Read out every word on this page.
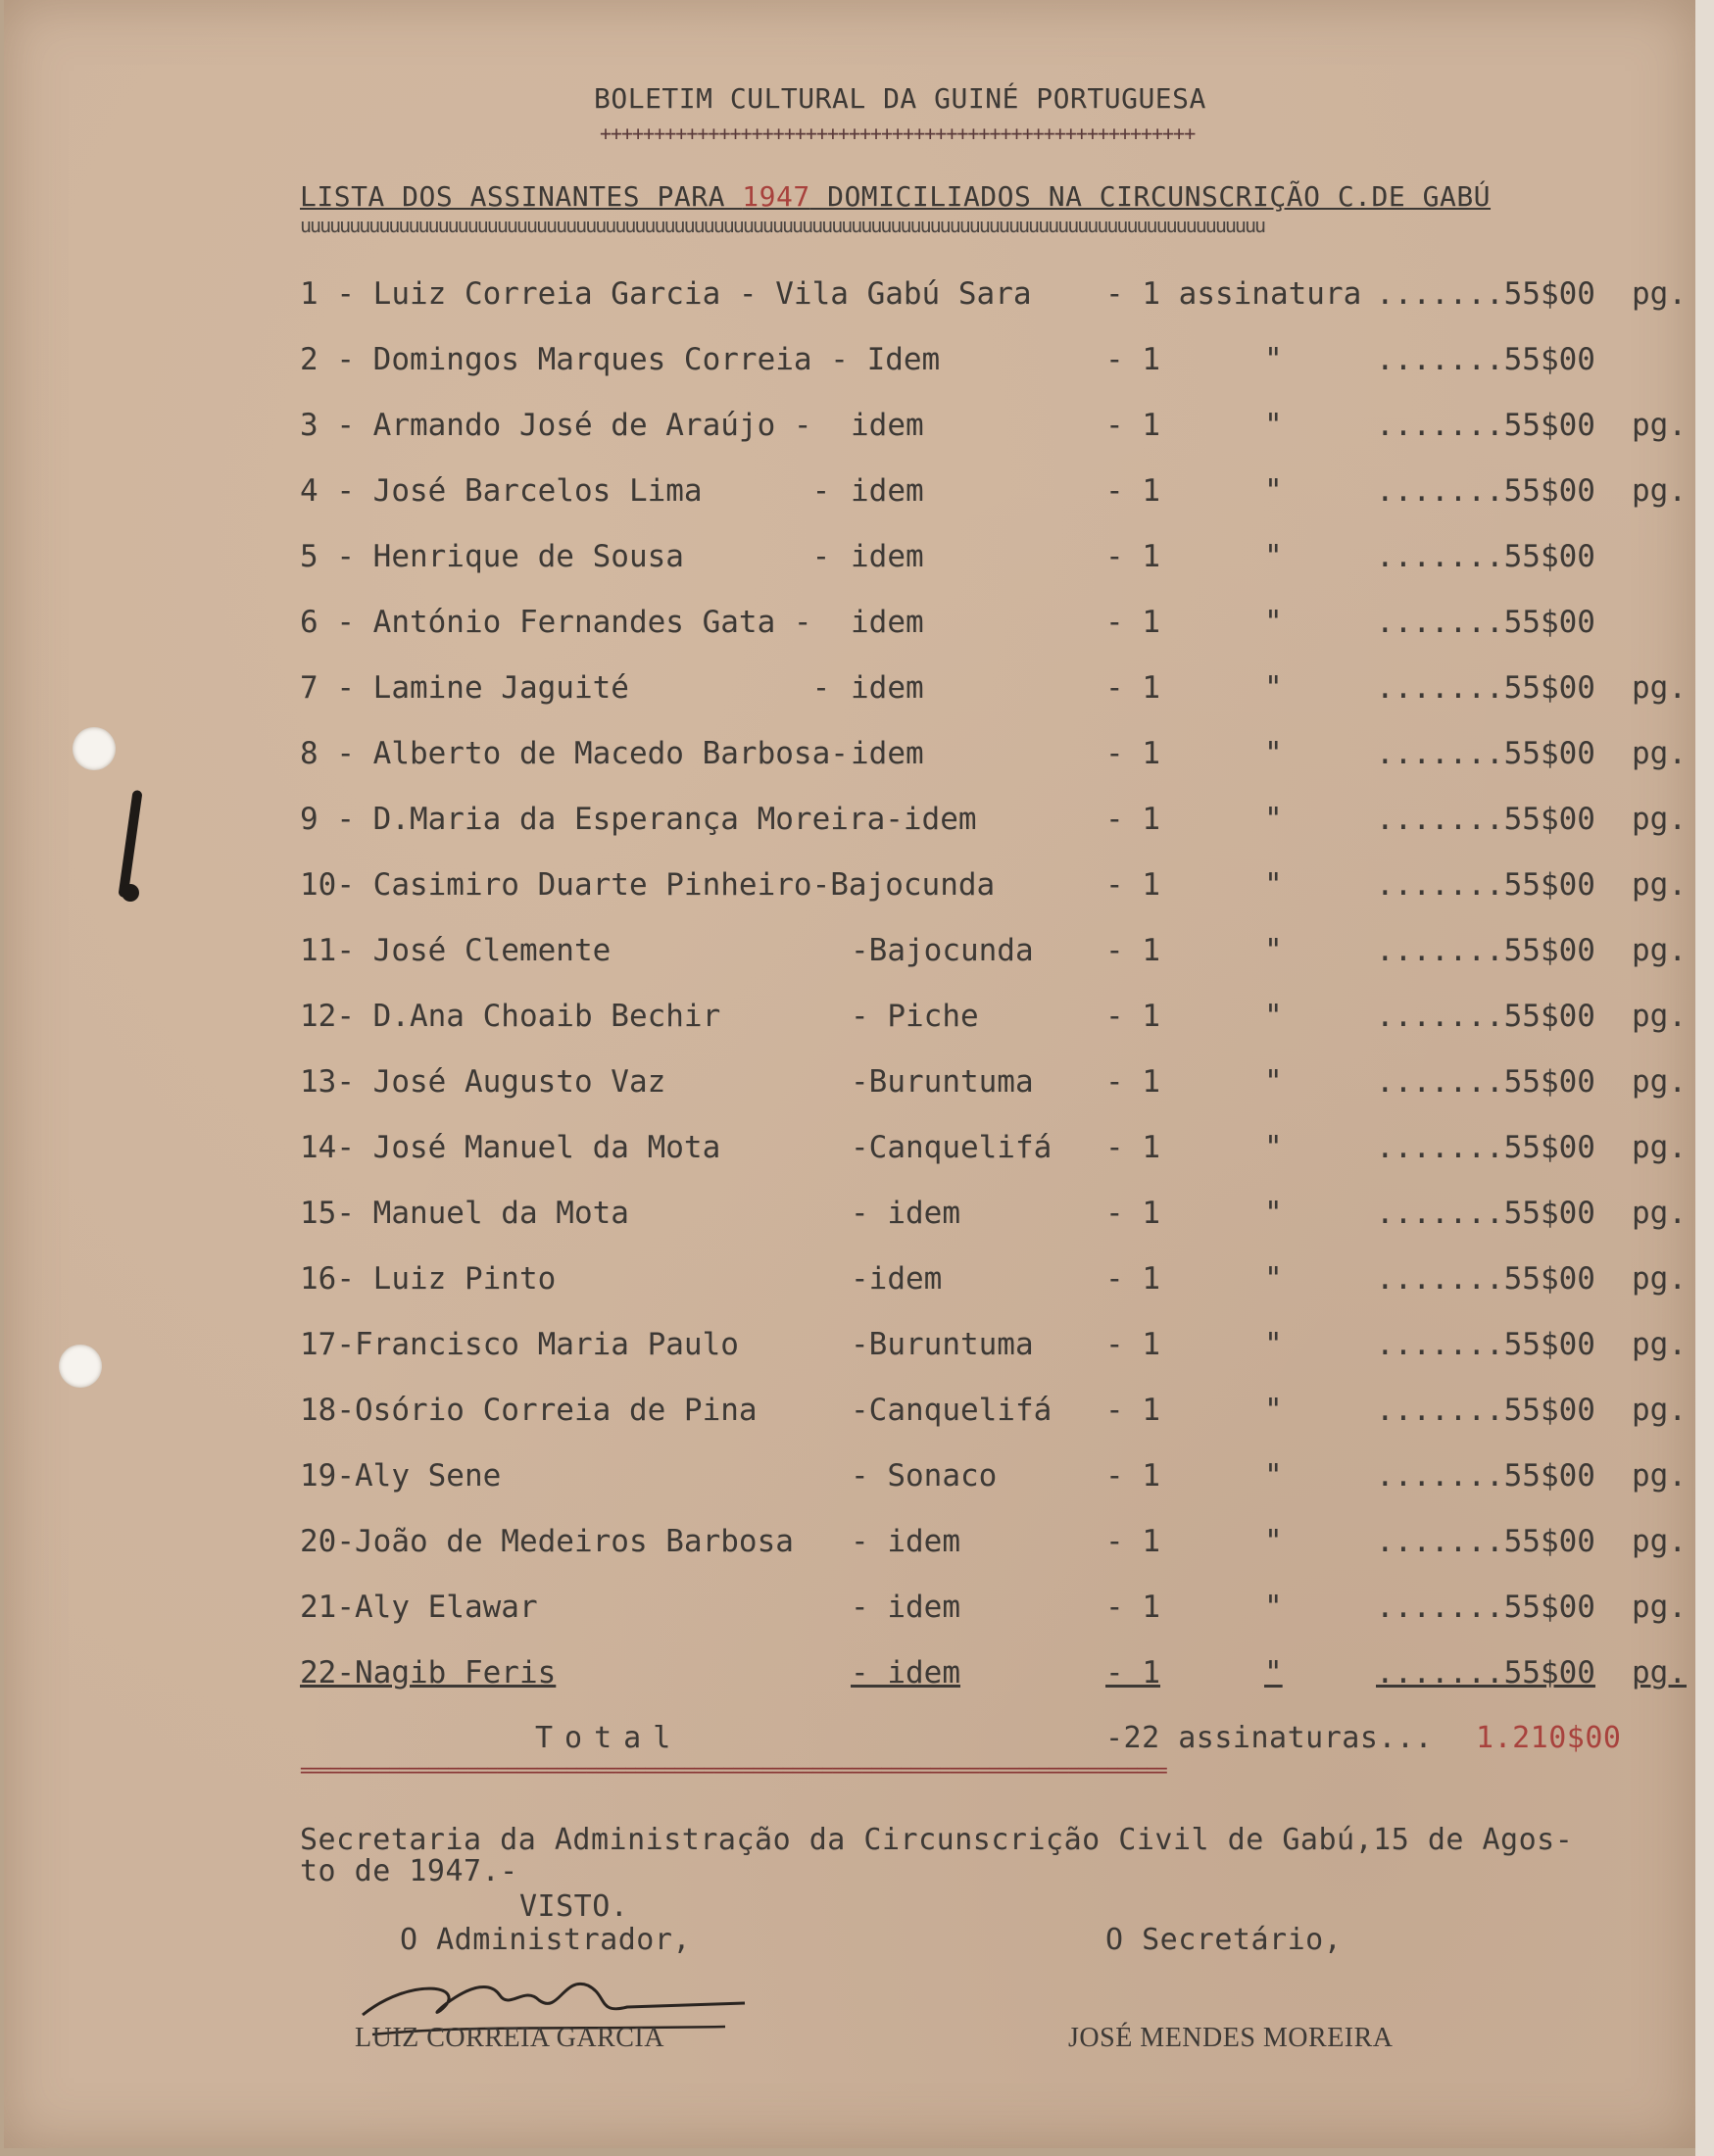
BOLETIM CULTURAL DA GUINÉ PORTUGUESA
+++++++++++++++++++++++++++++++++++++++++++++++++++++++
LISTA DOS ASSINANTES PARA 1947 DOMICILIADOS NA CIRCUNSCRIÇÃO C.DE GABÚ
uuuuuuuuuuuuuuuuuuuuuuuuuuuuuuuuuuuuuuuuuuuuuuuuuuuuuuuuuuuuuuuuuuuuuuuuuuuuuuuuuuuuuuuuuuuuuuuuuu
1 - Luiz Correia Garcia - Vila Gabú Sara - 1 assinatura .......55$00 pg.
2 - Domingos Marques Correia - Idem	- 1	"	.......55$00
3 - Armando José de Araújo - idem	- 1	"	.......55$00 pg.
4 - José Barcelos Lima      - idem	- 1	"	.......55$00 pg.
5 - Henrique de Sousa       - idem	- 1	"	.......55$00
6 - António Fernandes Gata - idem	- 1	"	.......55$00
7 - Lamine Jaguité          - idem	- 1	"	.......55$00 pg.
8 - Alberto de Macedo Barbosa- idem	- 1	"	.......55$00 pg.
9 - D.Maria da Esperança Moreira-idem	- 1	"	.......55$00 pg.
10- Casimiro Duarte Pinheiro-Bajocunda	- 1	"	.......55$00 pg.
11- José Clemente	-Bajocunda - 1	"	.......55$00 pg.
12- D.Ana Choaib Bechir	- Piche	- 1	"	.......55$00 pg.
13- José Augusto Vaz	-Buruntuma - 1	"	.......55$00 pg.
14- José Manuel da Mota	-Canquelifá - 1	"	.......55$00 pg.
15- Manuel da Mota	- idem	- 1	"	.......55$00 pg.
16- Luiz Pinto	-idem	- 1	"	.......55$00 pg.
17-Francisco Maria Paulo	-Buruntuma - 1	"	.......55$00 pg.
18-Osório Correia de Pina	-Canquelifá - 1	"	.......55$00 pg.
19-Aly Sene	- Sonaco	- 1	"	.......55$00 pg.
20-João de Medeiros Barbosa - idem	- 1	"	.......55$00 pg.
21-Aly Elawar	- idem	- 1	"	.......55$00 pg.
22-Nagib Feris	- idem	- 1	"	.......55$00 pg.
Total	-22 assinaturas... 1.210$00
========================================================================================
Secretaria da Administração da Circunscrição Civil de Gabú,15 de Agos-
to de 1947.-
VISTO.
O Administrador,	O Secretário,
LUIZ CORREIA GARCIA	JOSÉ MENDES MOREIRA
